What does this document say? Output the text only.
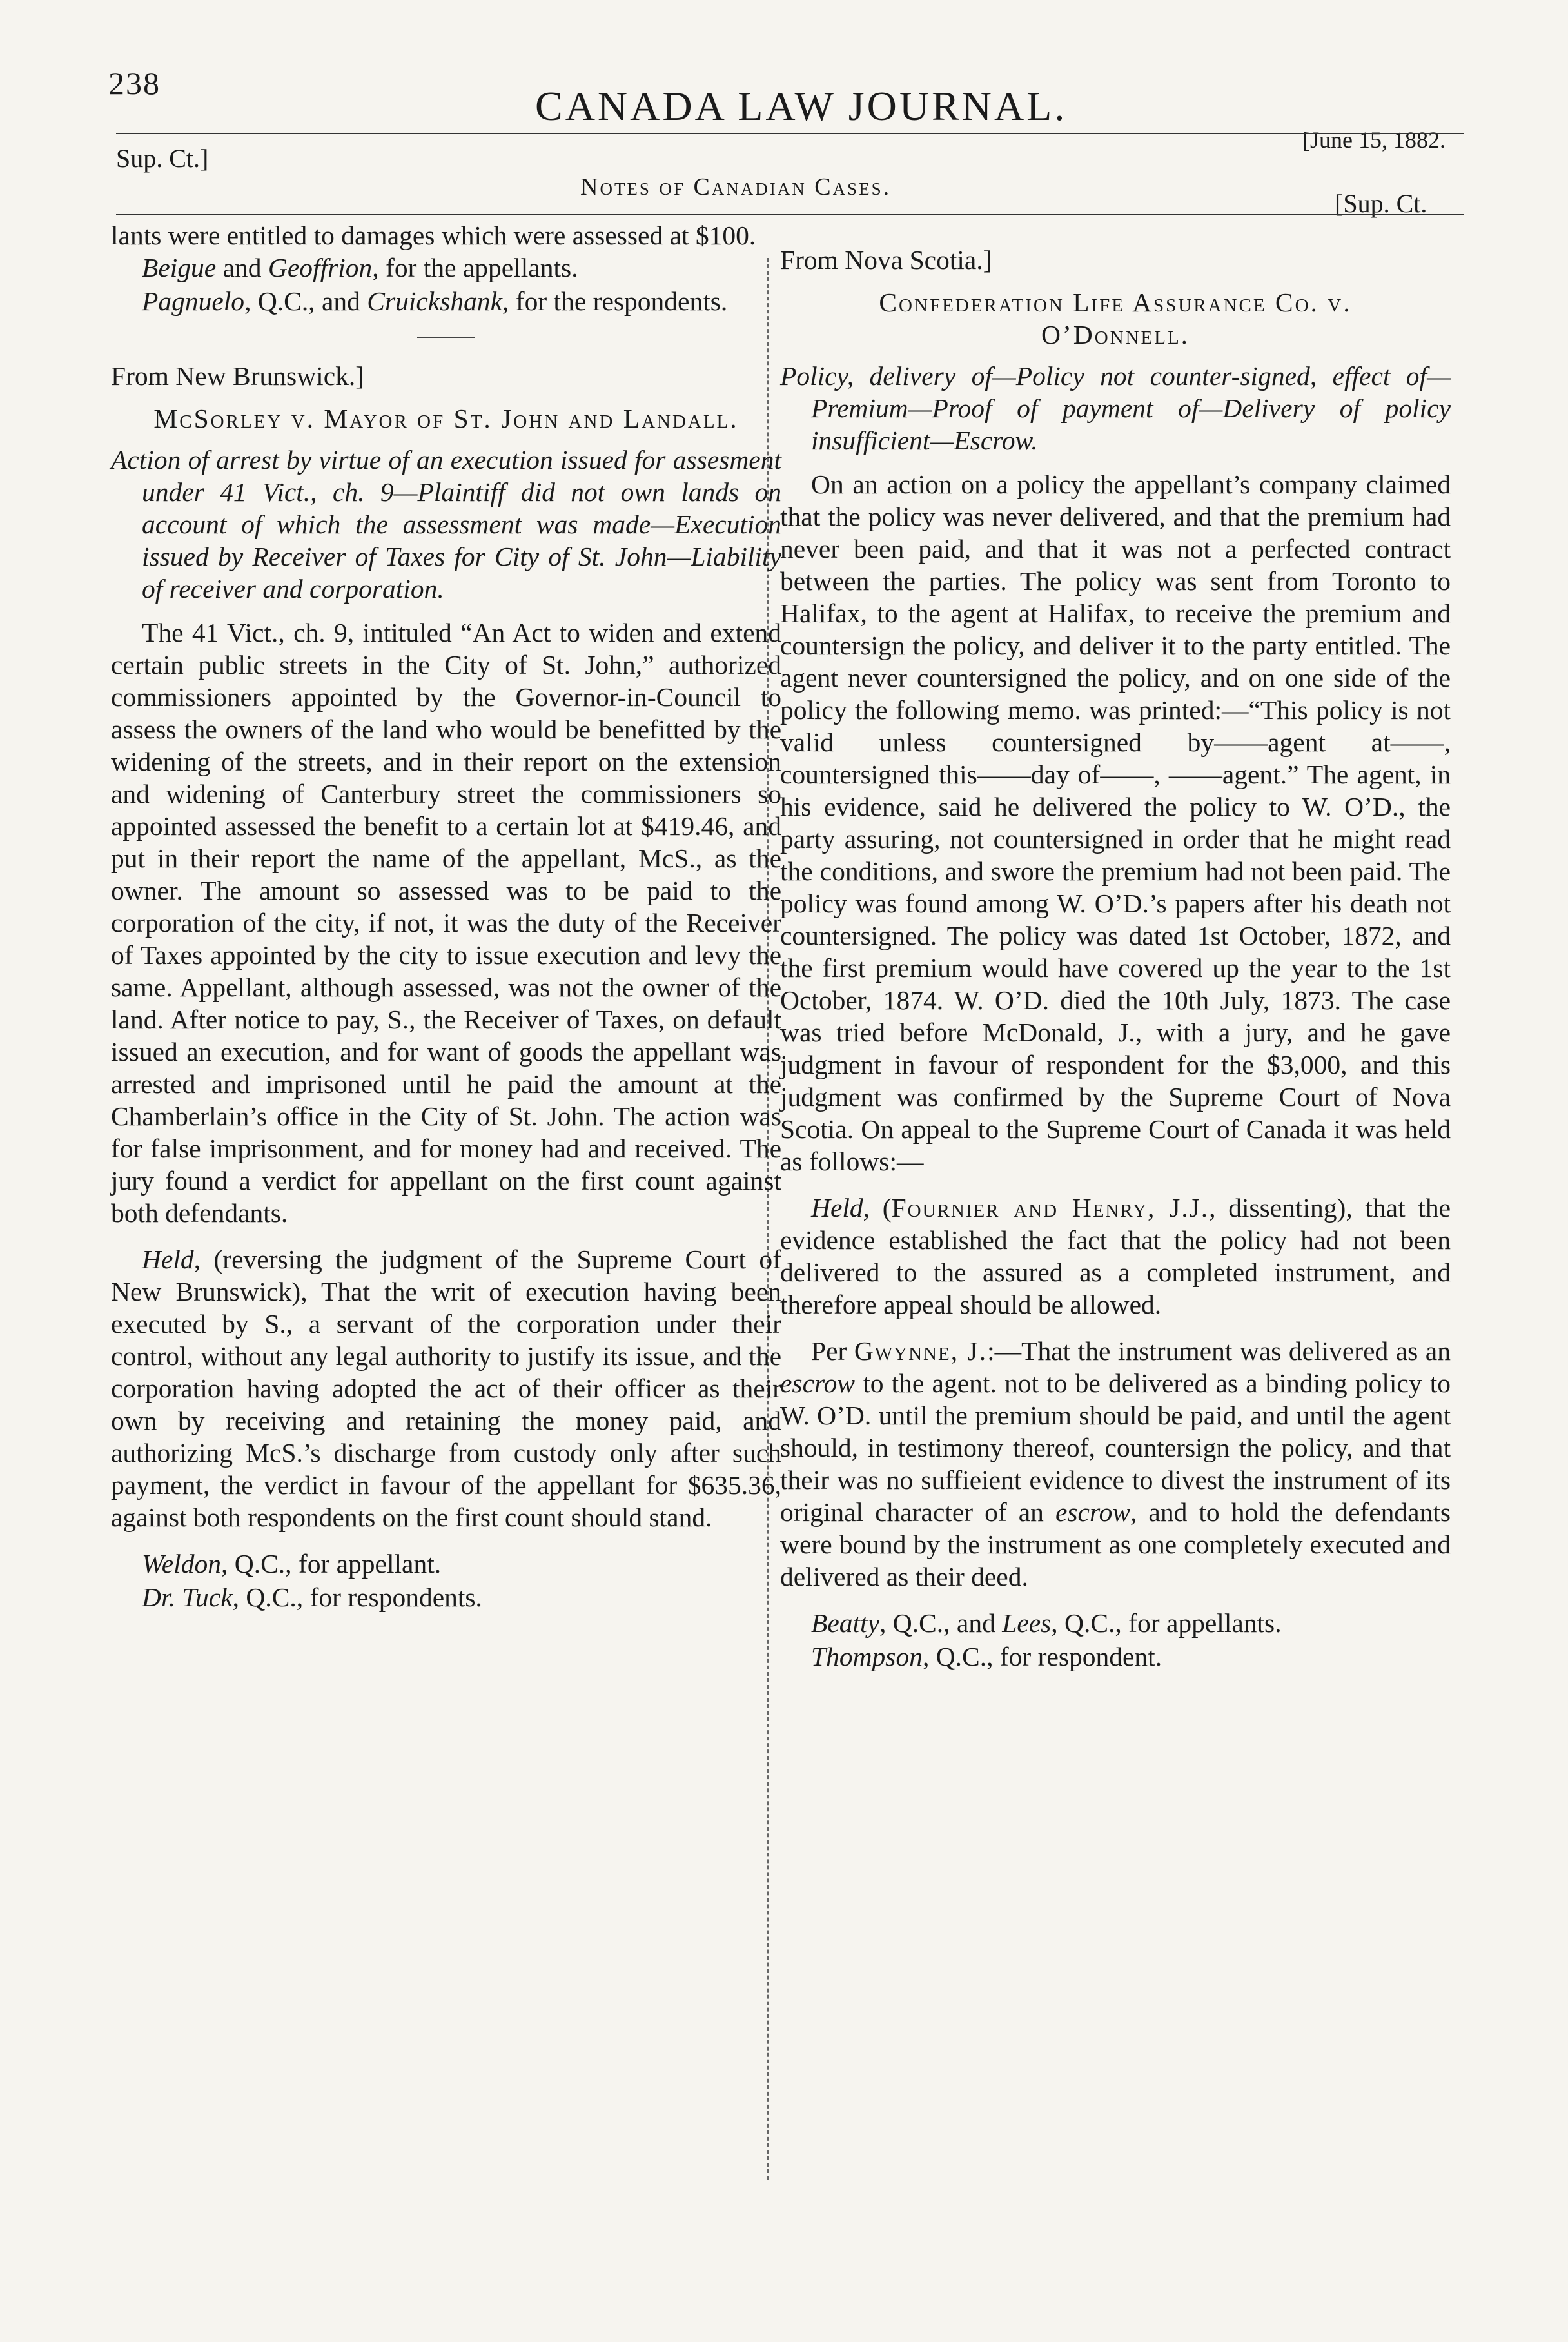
238	CANADA LAW JOURNAL.
[June 15, 1882.
Sup. Ct.]
Notes of Canadian Cases.
[Sup. Ct.

lants were entitled to damages which were assessed at $100.

Beigue and Geoffrion, for the appellants.

Pagnuelo, Q.C., and Cruickshank, for the respondents.

From New Brunswick.]

McSorley v. Mayor of St. John and Landall.

Action of arrest by virtue of an execution issued for assesment under 41 Vict., ch. 9—Plaintiff did not own lands on account of which the assessment was made—Execution issued by Receiver of Taxes for City of St. John—Liability of receiver and corporation.

The 41 Vict., ch. 9, intituled “An Act to widen and extend certain public streets in the City of St. John,” authorized commissioners appointed by the Governor-in-Council to assess the owners of the land who would be benefitted by the widening of the streets, and in their report on the extension and widening of Canterbury street the commissioners so appointed assessed the benefit to a certain lot at $419.46, and put in their report the name of the appellant, McS., as the owner. The amount so assessed was to be paid to the corporation of the city, if not, it was the duty of the Receiver of Taxes appointed by the city to issue execution and levy the same. Appellant, although assessed, was not the owner of the land. After notice to pay, S., the Receiver of Taxes, on default issued an execution, and for want of goods the appellant was arrested and imprisoned until he paid the amount at the Chamberlain’s office in the City of St. John. The action was for false imprisonment, and for money had and received. The jury found a verdict for appellant on the first count against both defendants.

Held, (reversing the judgment of the Supreme Court of New Brunswick), That the writ of execution having been executed by S., a servant of the corporation under their control, without any legal authority to justify its issue, and the corporation having adopted the act of their officer as their own by receiving and retaining the money paid, and authorizing McS.’s discharge from custody only after such payment, the verdict in favour of the appellant for $635.36, against both respondents on the first count should stand.

Weldon, Q.C., for appellant.

Dr. Tuck, Q.C., for respondents.

From Nova Scotia.]

Confederation Life Assurance Co. v. O’Donnell.

Policy, delivery of—Policy not counter-signed, effect of—Premium—Proof of payment of—Delivery of policy insufficient—Escrow.

On an action on a policy the appellant’s company claimed that the policy was never delivered, and that the premium had never been paid, and that it was not a perfected contract between the parties. The policy was sent from Toronto to Halifax, to the agent at Halifax, to receive the premium and countersign the policy, and deliver it to the party entitled. The agent never countersigned the policy, and on one side of the policy the following memo. was printed:—“This policy is not valid unless countersigned by——agent at——, countersigned this——day of——, ——agent.” The agent, in his evidence, said he delivered the policy to W. O’D., the party assuring, not countersigned in order that he might read the conditions, and swore the premium had not been paid. The policy was found among W. O’D.’s papers after his death not countersigned. The policy was dated 1st October, 1872, and the first premium would have covered up the year to the 1st October, 1874. W. O’D. died the 10th July, 1873. The case was tried before McDonald, J., with a jury, and he gave judgment in favour of respondent for the $3,000, and this judgment was confirmed by the Supreme Court of Nova Scotia. On appeal to the Supreme Court of Canada it was held as follows:—

Held, (Fournier and Henry, J.J., dissenting), that the evidence established the fact that the policy had not been delivered to the assured as a completed instrument, and therefore appeal should be allowed.

Per Gwynne, J.:—That the instrument was delivered as an escrow to the agent. not to be delivered as a binding policy to W. O’D. until the premium should be paid, and until the agent should, in testimony thereof, countersign the policy, and that their was no suffieient evidence to divest the instrument of its original character of an escrow, and to hold the defendants were bound by the instrument as one completely executed and delivered as their deed.

Beatty, Q.C., and Lees, Q.C., for appellants.

Thompson, Q.C., for respondent.
